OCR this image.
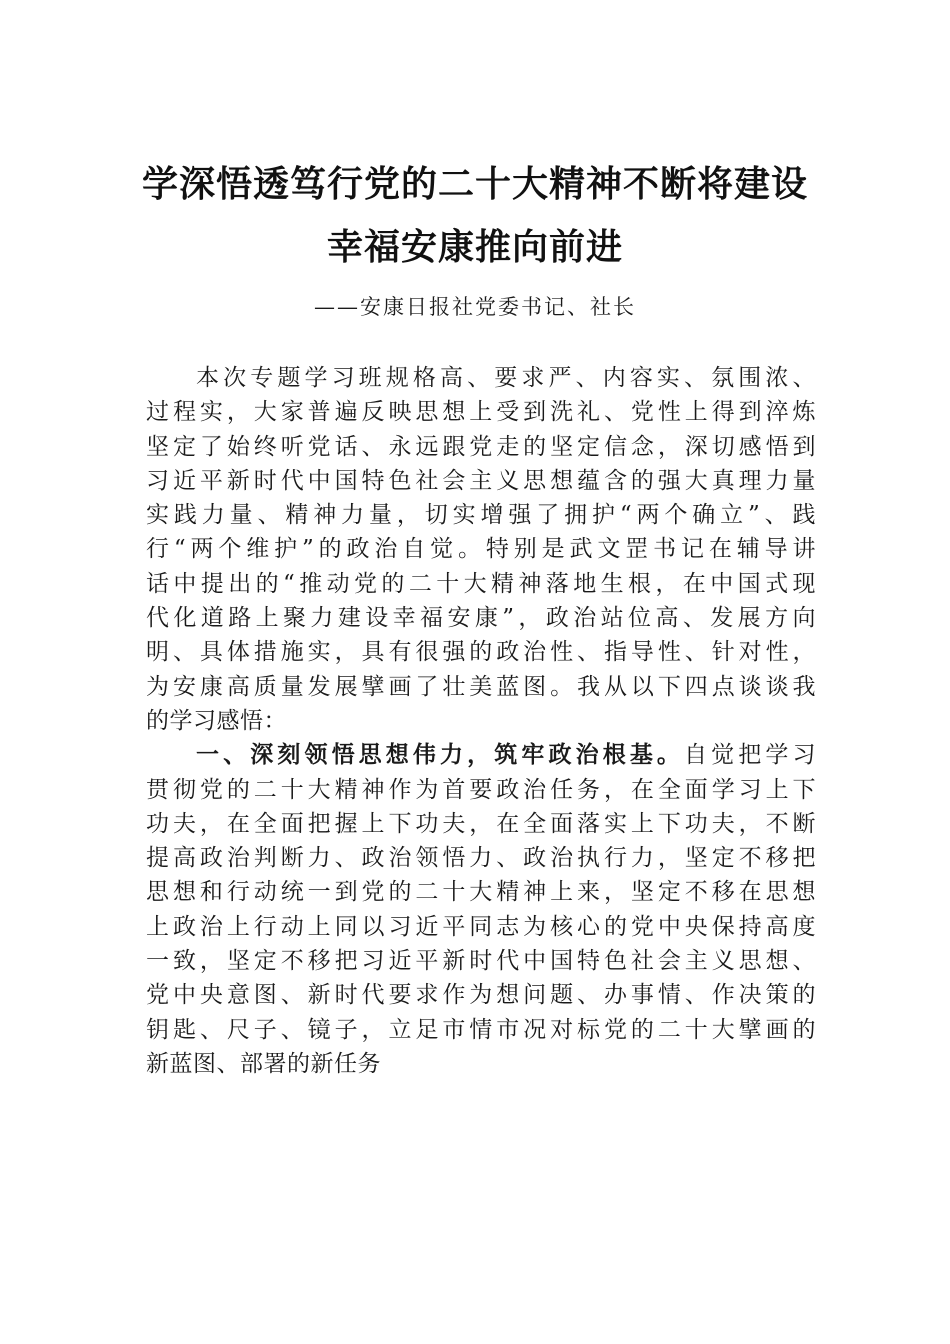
学深悟透笃行党的二十大精神不断将建设
幸福安康推向前进
——安康日报社党委书记、社长
本次专题学习班规格高、要求严、内容实、氛围浓、
过程实，大家普遍反映思想上受到洗礼、党性上得到淬炼
坚定了始终听党话、永远跟党走的坚定信念，深切感悟到
习近平新时代中国特色社会主义思想蕴含的强大真理力量
实践力量、精神力量，切实增强了拥护“两个确立”、践
行“两个维护”的政治自觉。特别是武文罡书记在辅导讲
话中提出的“推动党的二十大精神落地生根，在中国式现
代化道路上聚力建设幸福安康”，政治站位高、发展方向
明、具体措施实，具有很强的政治性、指导性、针对性，
为安康高质量发展擘画了壮美蓝图。我从以下四点谈谈我
的学习感悟：
一、深刻领悟思想伟力，筑牢政治根基。自觉把学习
贯彻党的二十大精神作为首要政治任务，在全面学习上下
功夫，在全面把握上下功夫，在全面落实上下功夫，不断
提高政治判断力、政治领悟力、政治执行力，坚定不移把
思想和行动统一到党的二十大精神上来，坚定不移在思想
上政治上行动上同以习近平同志为核心的党中央保持高度
一致，坚定不移把习近平新时代中国特色社会主义思想、
党中央意图、新时代要求作为想问题、办事情、作决策的
钥匙、尺子、镜子，立足市情市况对标党的二十大擘画的
新蓝图、部署的新任务
